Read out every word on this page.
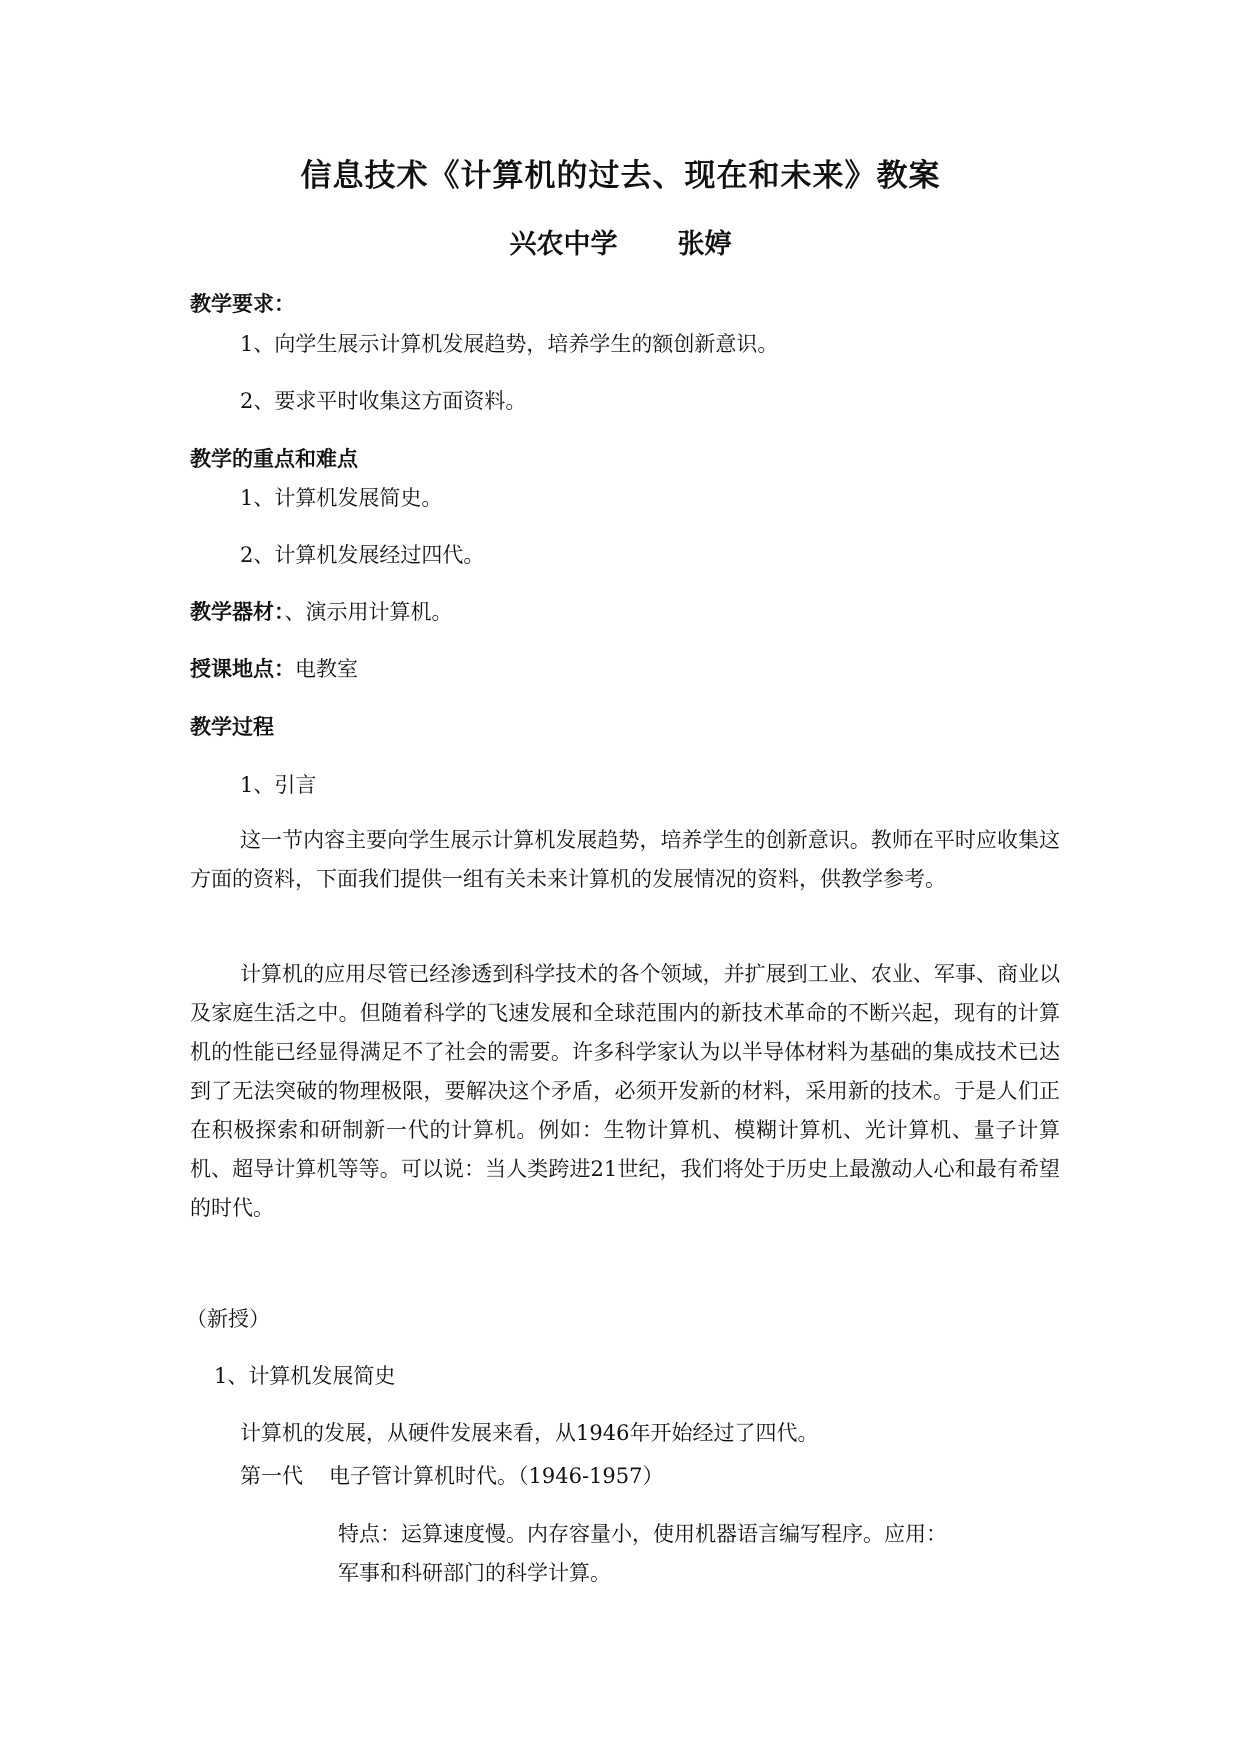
信息技术《计算机的过去、现在和未来》教案
兴农中学 张婷
教学要求：
1、向学生展示计算机发展趋势，培养学生的额创新意识。
2、要求平时收集这方面资料。
教学的重点和难点
1、计算机发展简史。
2、计算机发展经过四代。
教学器材：、演示用计算机。
授课地点：电教室
教学过程
1、引言
这一节内容主要向学生展示计算机发展趋势，培养学生的创新意识。教师在平时应收集这方面的资料，下面我们提供一组有关未来计算机的发展情况的资料，供教学参考。
计算机的应用尽管已经渗透到科学技术的各个领域，并扩展到工业、农业、军事、商业以及家庭生活之中。但随着科学的飞速发展和全球范围内的新技术革命的不断兴起，现有的计算机的性能已经显得满足不了社会的需要。许多科学家认为以半导体材料为基础的集成技术已达到了无法突破的物理极限，要解决这个矛盾，必须开发新的材料，采用新的技术。于是人们正在积极探索和研制新一代的计算机。例如：生物计算机、模糊计算机、光计算机、量子计算机、超导计算机等等。可以说：当人类跨进21世纪，我们将处于历史上最激动人心和最有希望的时代。
（新授）
1、计算机发展简史
计算机的发展，从硬件发展来看，从1946年开始经过了四代。
第一代 电子管计算机时代。（1946-1957）
特点：运算速度慢。内存容量小，使用机器语言编写程序。应用：
军事和科研部门的科学计算。
